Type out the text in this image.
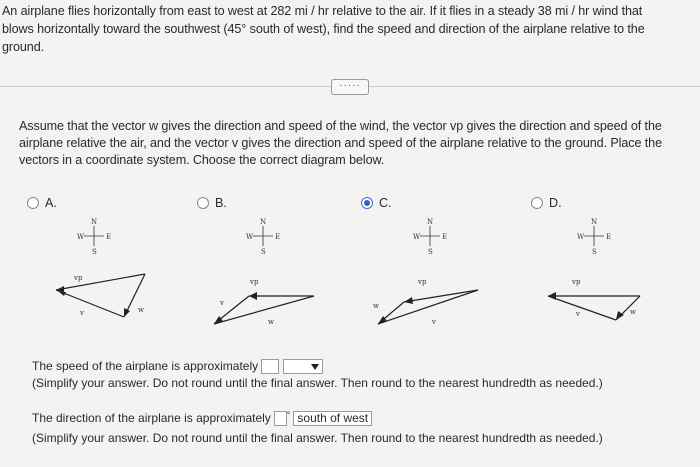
An airplane flies horizontally from east to west at 282 mi / hr relative to the air. If it flies in a steady 38 mi / hr wind that
blows horizontally toward the southwest (45° south of west), find the speed and direction of the airplane relative to the
ground.
·····
Assume that the vector w gives the direction and speed of the wind, the vector vp gives the direction and speed of the
airplane relative the air, and the vector v gives the direction and speed of the airplane relative to the ground. Place the
vectors in a coordinate system. Choose the correct diagram below.
A.	B.	C.	D.
N
W	E
S
vp
v	w
N
W	E
S
vp
v
w
N
W	E
S
vp
w
v
N
W	E
S
vp
v	w
The speed of the airplane is approximately
(Simplify your answer. Do not round until the final answer. Then round to the nearest hundredth as needed.)
The direction of the airplane is approximately ° south of west
(Simplify your answer. Do not round until the final answer. Then round to the nearest hundredth as needed.)
